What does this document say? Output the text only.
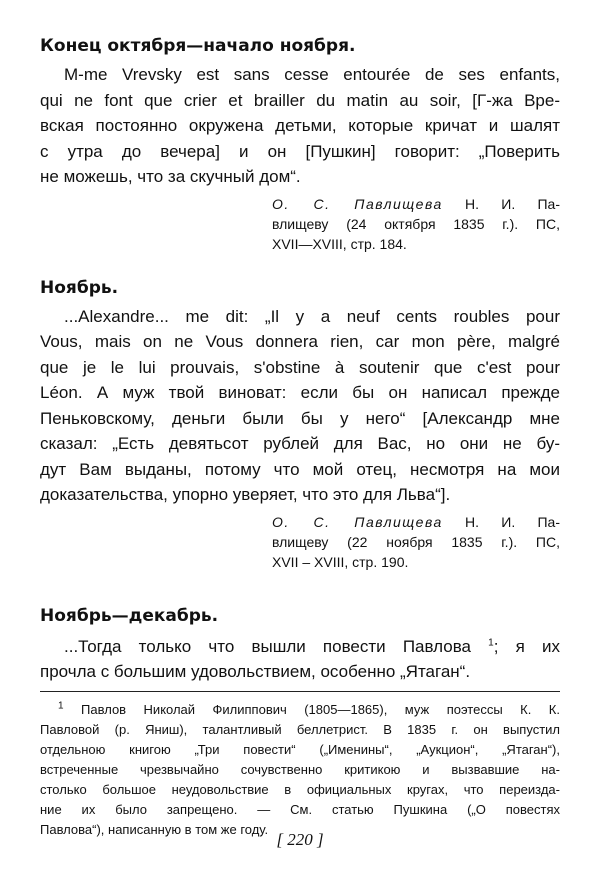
Конец октября—начало ноября.
M-me Vrevsky est sans cesse entourée de ses enfants,
qui ne font que crier et brailler du matin au soir, [Г-жа Вре-
вская постоянно окружена детьми, которые кричат и шалят
с утра до вечера] и он [Пушкин] говорит: „Поверить
не можешь, что за скучный дом“.
О. С. Павлищева Н. И. Па-
влищеву (24 октября 1835 г.). ПС,
XVII—XVIII, стр. 184.
Ноябрь.
...Alexandre... me dit: „Il y a neuf cents roubles pour
Vous, mais on ne Vous donnera rien, car mon père, malgré
que je le lui prouvais, s'obstine à soutenir que c'est pour
Léon. А муж твой виноват: если бы он написал прежде
Пеньковскому, деньги были бы у него“ [Александр мне
сказал: „Есть девятьсот рублей для Вас, но они не бу-
дут Вам выданы, потому что мой отец, несмотря на мои
доказательства, упорно уверяет, что это для Льва“].
О. С. Павлищева Н. И. Па-
влищеву (22 ноября 1835 г.). ПС,
XVII – XVIII, стр. 190.
Ноябрь—декабрь.
...Тогда только что вышли повести Павлова $^1$; я их
прочла с большим удовольствием, особенно „Ятаган“.
$^1$ Павлов Николай Филиппович (1805—1865), муж поэтессы К. К.
Павловой (р. Яниш), талантливый беллетрист. В 1835 г. он выпустил
отдельною книгою „Три повести“ („Именины“, „Аукцион“, „Ятаган“),
встреченные чрезвычайно сочувственно критикою и вызвавшие на-
столько большое неудовольствие в официальных кругах, что переизда-
ние их было запрещено. — См. статью Пушкина („О повестях
Павлова“), написанную в том же году.
[ 220 ]
